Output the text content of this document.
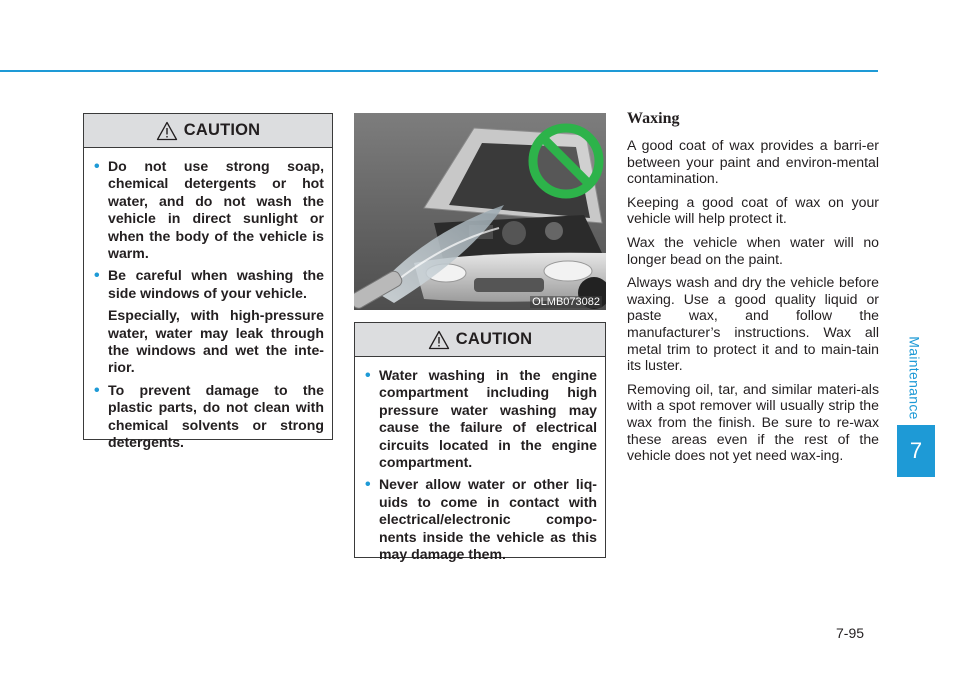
CAUTION
• Do not use strong soap, chemical detergents or hot water, and do not wash the vehicle in direct sunlight or when the body of the vehicle is warm.

• Be careful when washing the side windows of your vehicle.

Especially, with high-pressure water, water may leak through the windows and wet the inte-rior.

• To prevent damage to the plastic parts, do not clean with chemical solvents or strong detergents.

OLMB073082
CAUTION
• Water washing in the engine compartment including high pressure water washing may cause the failure of electrical circuits located in the engine compartment.

• Never allow water or other liq-uids to come in contact with electrical/electronic compo-nents inside the vehicle as this may damage them.

Waxing

A good coat of wax provides a barri-er between your paint and environ-mental contamination.

Keeping a good coat of wax on your vehicle will help protect it.

Wax the vehicle when water will no longer bead on the paint.

Always wash and dry the vehicle before waxing. Use a good quality liquid or paste wax, and follow the manufacturer’s instructions. Wax all metal trim to protect it and to main-tain its luster.

Removing oil, tar, and similar materi-als with a spot remover will usually strip the wax from the finish. Be sure to re-wax these areas even if the rest of the vehicle does not yet need wax-ing.

Maintenance
7
7-95
